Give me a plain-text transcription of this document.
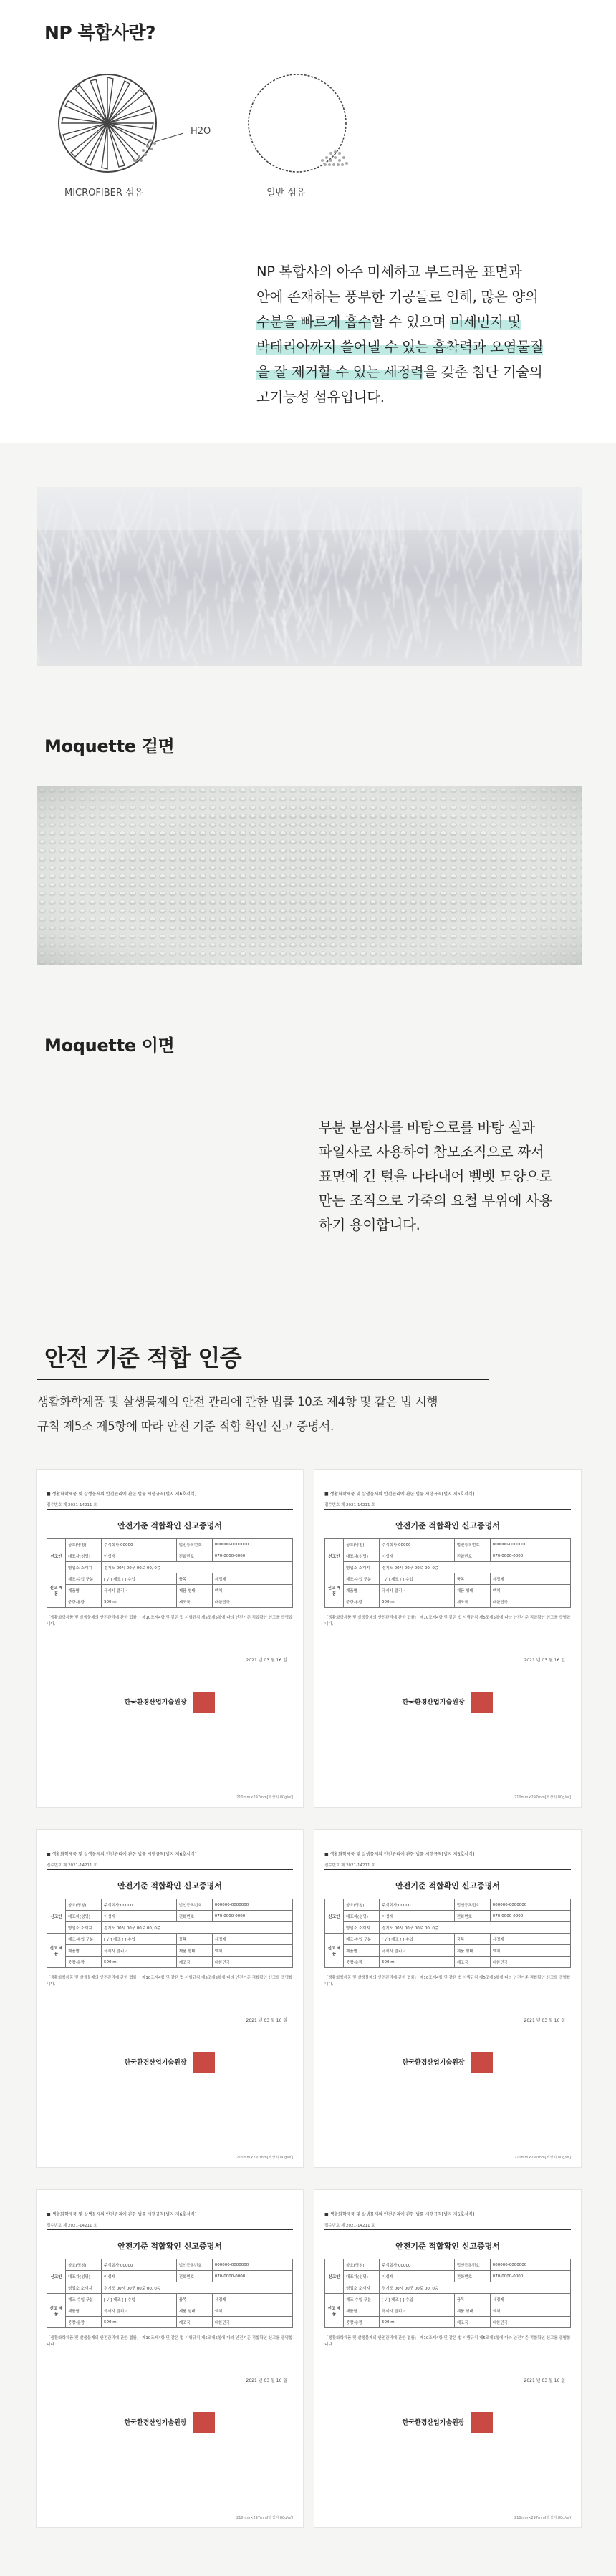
NP 복합사란?
H2O
MICROFIBER 섬유	일반 섬유
NP 복합사의 아주 미세하고 부드러운 표면과
안에 존재하는 풍부한 기공들로 인해, 많은 양의
수분을 빠르게 흡수할 수 있으며 미세먼지 및
박테리아까지 쓸어낼 수 있는 흡착력과 오염물질
을 잘 제거할 수 있는 세정력을 갖춘 첨단 기술의
고기능성 섬유입니다.
Moquette 겉면
Moquette 이면
부분 분섬사를 바탕으로를 바탕 실과
파일사로 사용하여 참모조직으로 짜서
표면에 긴 털을 나타내어 벨벳 모양으로
만든 조직으로 가죽의 요철 부위에 사용
하기 용이합니다.
안전 기준 적합 인증
생활화학제품 및 살생물제의 안전 관리에 관한 법률 10조 제4항 및 같은 법 시행
규칙 제5조 제5항에 따라 안전 기준 적합 확인 신고 증명서.
■ 생활화학제품 및 살생물제의 안전관리에 관한 법률 시행규칙[별지 제6호서식]
접수번호 제 2021-14211 호
안전기준 적합확인 신고증명서
신고인	상호(명칭)	주식회사 00000	법인등록번호	000000-0000000
	대표자(성명)	이성재	전화번호	070-0000-0000
	영업소 소재지	경기도 00시 00구 00로 00, 0층		
신고 제품	제조·수입 구분	[ √ ] 제조 [ ] 수입	품목	세정제
	제품명	극세사 클리너	제품 형태	액체
	중량·용량	500 ml	제조국	대한민국
「생활화학제품 및 살생물제의 안전관리에 관한 법률」 제10조제4항 및 같은 법 시행규칙 제5조제5항에 따라 안전기준 적합확인 신고를 증명합니다.
2021 년 03 월 16 일
한국환경산업기술원장
210mm×297mm[백상지 80g/㎡]
■ 생활화학제품 및 살생물제의 안전관리에 관한 법률 시행규칙[별지 제6호서식]
접수번호 제 2021-14211 호
안전기준 적합확인 신고증명서
신고인	상호(명칭)	주식회사 00000	법인등록번호	000000-0000000
	대표자(성명)	이성재	전화번호	070-0000-0000
	영업소 소재지	경기도 00시 00구 00로 00, 0층		
신고 제품	제조·수입 구분	[ √ ] 제조 [ ] 수입	품목	세정제
	제품명	극세사 클리너	제품 형태	액체
	중량·용량	500 ml	제조국	대한민국
「생활화학제품 및 살생물제의 안전관리에 관한 법률」 제10조제4항 및 같은 법 시행규칙 제5조제5항에 따라 안전기준 적합확인 신고를 증명합니다.
2021 년 03 월 16 일
한국환경산업기술원장
210mm×297mm[백상지 80g/㎡]
■ 생활화학제품 및 살생물제의 안전관리에 관한 법률 시행규칙[별지 제6호서식]
접수번호 제 2021-14211 호
안전기준 적합확인 신고증명서
신고인	상호(명칭)	주식회사 00000	법인등록번호	000000-0000000
	대표자(성명)	이성재	전화번호	070-0000-0000
	영업소 소재지	경기도 00시 00구 00로 00, 0층		
신고 제품	제조·수입 구분	[ √ ] 제조 [ ] 수입	품목	세정제
	제품명	극세사 클리너	제품 형태	액체
	중량·용량	500 ml	제조국	대한민국
「생활화학제품 및 살생물제의 안전관리에 관한 법률」 제10조제4항 및 같은 법 시행규칙 제5조제5항에 따라 안전기준 적합확인 신고를 증명합니다.
2021 년 03 월 16 일
한국환경산업기술원장
210mm×297mm[백상지 80g/㎡]
■ 생활화학제품 및 살생물제의 안전관리에 관한 법률 시행규칙[별지 제6호서식]
접수번호 제 2021-14211 호
안전기준 적합확인 신고증명서
신고인	상호(명칭)	주식회사 00000	법인등록번호	000000-0000000
	대표자(성명)	이성재	전화번호	070-0000-0000
	영업소 소재지	경기도 00시 00구 00로 00, 0층		
신고 제품	제조·수입 구분	[ √ ] 제조 [ ] 수입	품목	세정제
	제품명	극세사 클리너	제품 형태	액체
	중량·용량	500 ml	제조국	대한민국
「생활화학제품 및 살생물제의 안전관리에 관한 법률」 제10조제4항 및 같은 법 시행규칙 제5조제5항에 따라 안전기준 적합확인 신고를 증명합니다.
2021 년 03 월 16 일
한국환경산업기술원장
210mm×297mm[백상지 80g/㎡]
■ 생활화학제품 및 살생물제의 안전관리에 관한 법률 시행규칙[별지 제6호서식]
접수번호 제 2021-14211 호
안전기준 적합확인 신고증명서
신고인	상호(명칭)	주식회사 00000	법인등록번호	000000-0000000
	대표자(성명)	이성재	전화번호	070-0000-0000
	영업소 소재지	경기도 00시 00구 00로 00, 0층		
신고 제품	제조·수입 구분	[ √ ] 제조 [ ] 수입	품목	세정제
	제품명	극세사 클리너	제품 형태	액체
	중량·용량	500 ml	제조국	대한민국
「생활화학제품 및 살생물제의 안전관리에 관한 법률」 제10조제4항 및 같은 법 시행규칙 제5조제5항에 따라 안전기준 적합확인 신고를 증명합니다.
2021 년 03 월 16 일
한국환경산업기술원장
210mm×297mm[백상지 80g/㎡]
■ 생활화학제품 및 살생물제의 안전관리에 관한 법률 시행규칙[별지 제6호서식]
접수번호 제 2021-14211 호
안전기준 적합확인 신고증명서
신고인	상호(명칭)	주식회사 00000	법인등록번호	000000-0000000
	대표자(성명)	이성재	전화번호	070-0000-0000
	영업소 소재지	경기도 00시 00구 00로 00, 0층		
신고 제품	제조·수입 구분	[ √ ] 제조 [ ] 수입	품목	세정제
	제품명	극세사 클리너	제품 형태	액체
	중량·용량	500 ml	제조국	대한민국
「생활화학제품 및 살생물제의 안전관리에 관한 법률」 제10조제4항 및 같은 법 시행규칙 제5조제5항에 따라 안전기준 적합확인 신고를 증명합니다.
2021 년 03 월 16 일
한국환경산업기술원장
210mm×297mm[백상지 80g/㎡]
